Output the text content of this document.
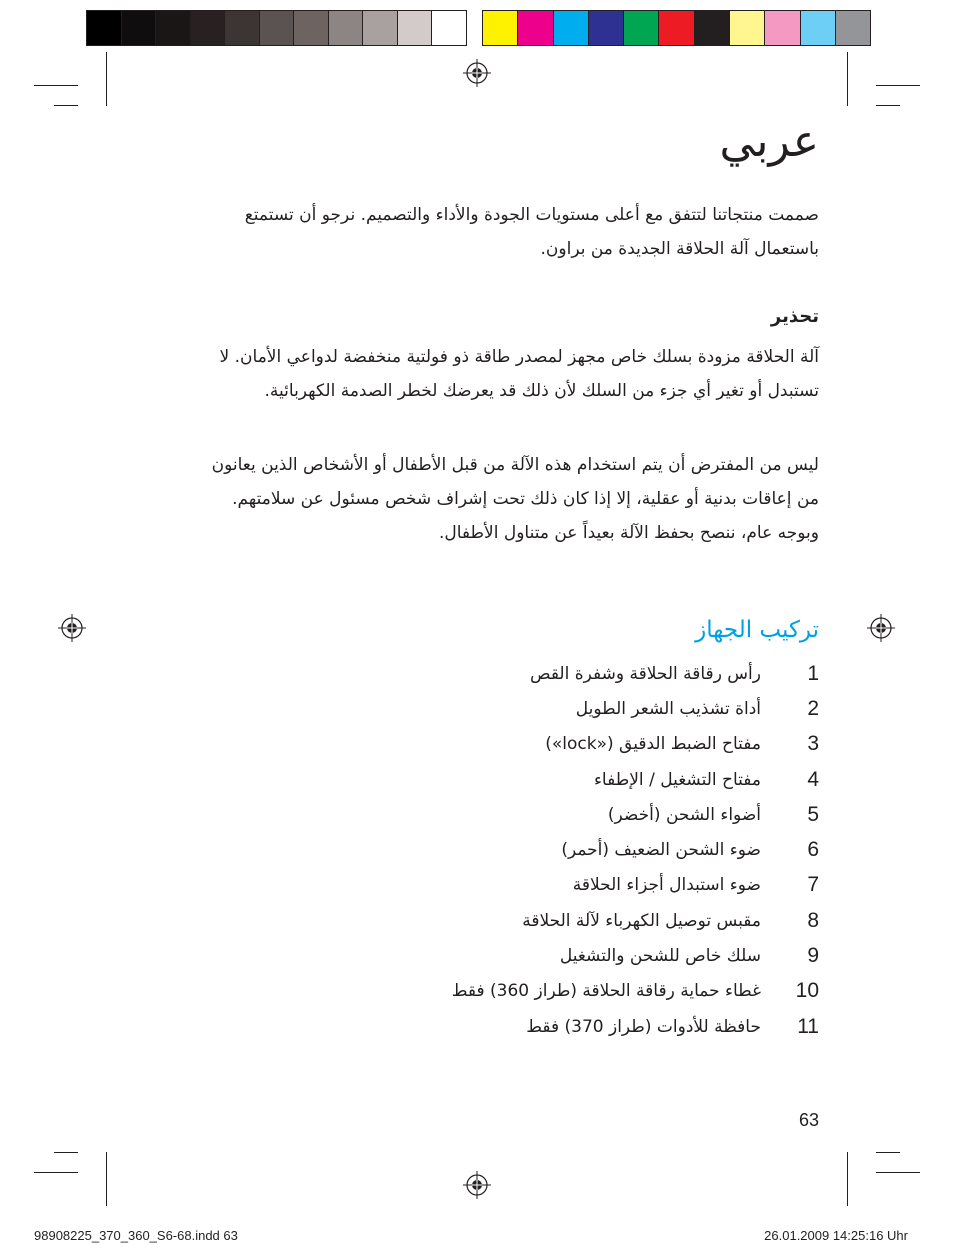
عربي
صممت منتجاتنا لتتفق مع أعلى مستويات الجودة والأداء والتصميم. نرجو أن تستمتع
باستعمال آلة الحلاقة الجديدة من براون.
تحذير
آلة الحلاقة مزودة بسلك خاص مجهز لمصدر طاقة ذو فولتية منخفضة لدواعي الأمان. لا
تستبدل أو تغير أي جزء من السلك لأن ذلك قد يعرضك لخطر الصدمة الكهربائية.
ليس من المفترض أن يتم استخدام هذه الآلة من قبل الأطفال أو الأشخاص الذين يعانون
من إعاقات بدنية أو عقلية، إلا إذا كان ذلك تحت إشراف شخص مسئول عن سلامتهم.
وبوجه عام، ننصح بحفظ الآلة بعيداً عن متناول الأطفال.
تركيب الجهاز
1
رأس رقاقة الحلاقة وشفرة القص
2
أداة تشذيب الشعر الطويل
3
مفتاح الضبط الدقيق («lock»)
4
مفتاح التشغيل / الإطفاء
5
أضواء الشحن (أخضر)
6
ضوء الشحن الضعيف (أحمر)
7
ضوء استبدال أجزاء الحلاقة
8
مقبس توصيل الكهرباء لآلة الحلاقة
9
سلك خاص للشحن والتشغيل
10
غطاء حماية رقاقة الحلاقة (طراز 360) فقط
11
حافظة للأدوات (طراز 370) فقط
63
98908225_370_360_S6-68.indd 63	26.01.2009 14:25:16 Uhr
